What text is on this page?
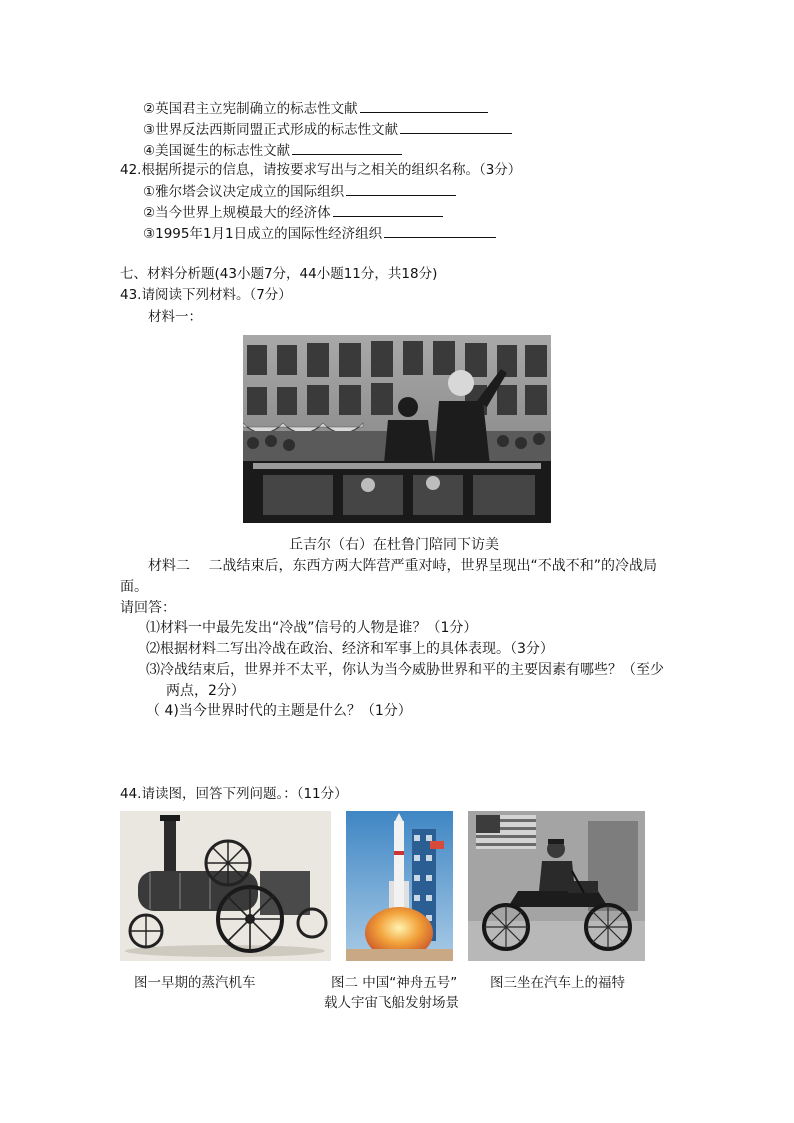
②英国君主立宪制确立的标志性文献
③世界反法西斯同盟正式形成的标志性文献
④美国诞生的标志性文献
42.根据所提示的信息，请按要求写出与之相关的组织名称。（3分）
①雅尔塔会议决定成立的国际组织
②当今世界上规模最大的经济体
③1995年1月1日成立的国际性经济组织
七、材料分析题(43小题7分，44小题11分，共18分)
43.请阅读下列材料。（7分）
材料一：
丘吉尔（右）在杜鲁门陪同下访美
材料二　 二战结束后，东西方两大阵营严重对峙，世界呈现出“不战不和”的冷战局
面。
请回答：
⑴材料一中最先发出“冷战”信号的人物是谁？（1分）
⑵根据材料二写出冷战在政治、经济和军事上的具体表现。（3分）
⑶冷战结束后，世界并不太平，你认为当今威胁世界和平的主要因素有哪些？（至少
两点，2分）
（ 4)当今世界时代的主题是什么？（1分）
44.请读图，回答下列问题。：（11分）
图一早期的蒸汽机车	图二 中国“神舟五号”
载人宇宙飞船发射场景
图三坐在汽车上的福特
